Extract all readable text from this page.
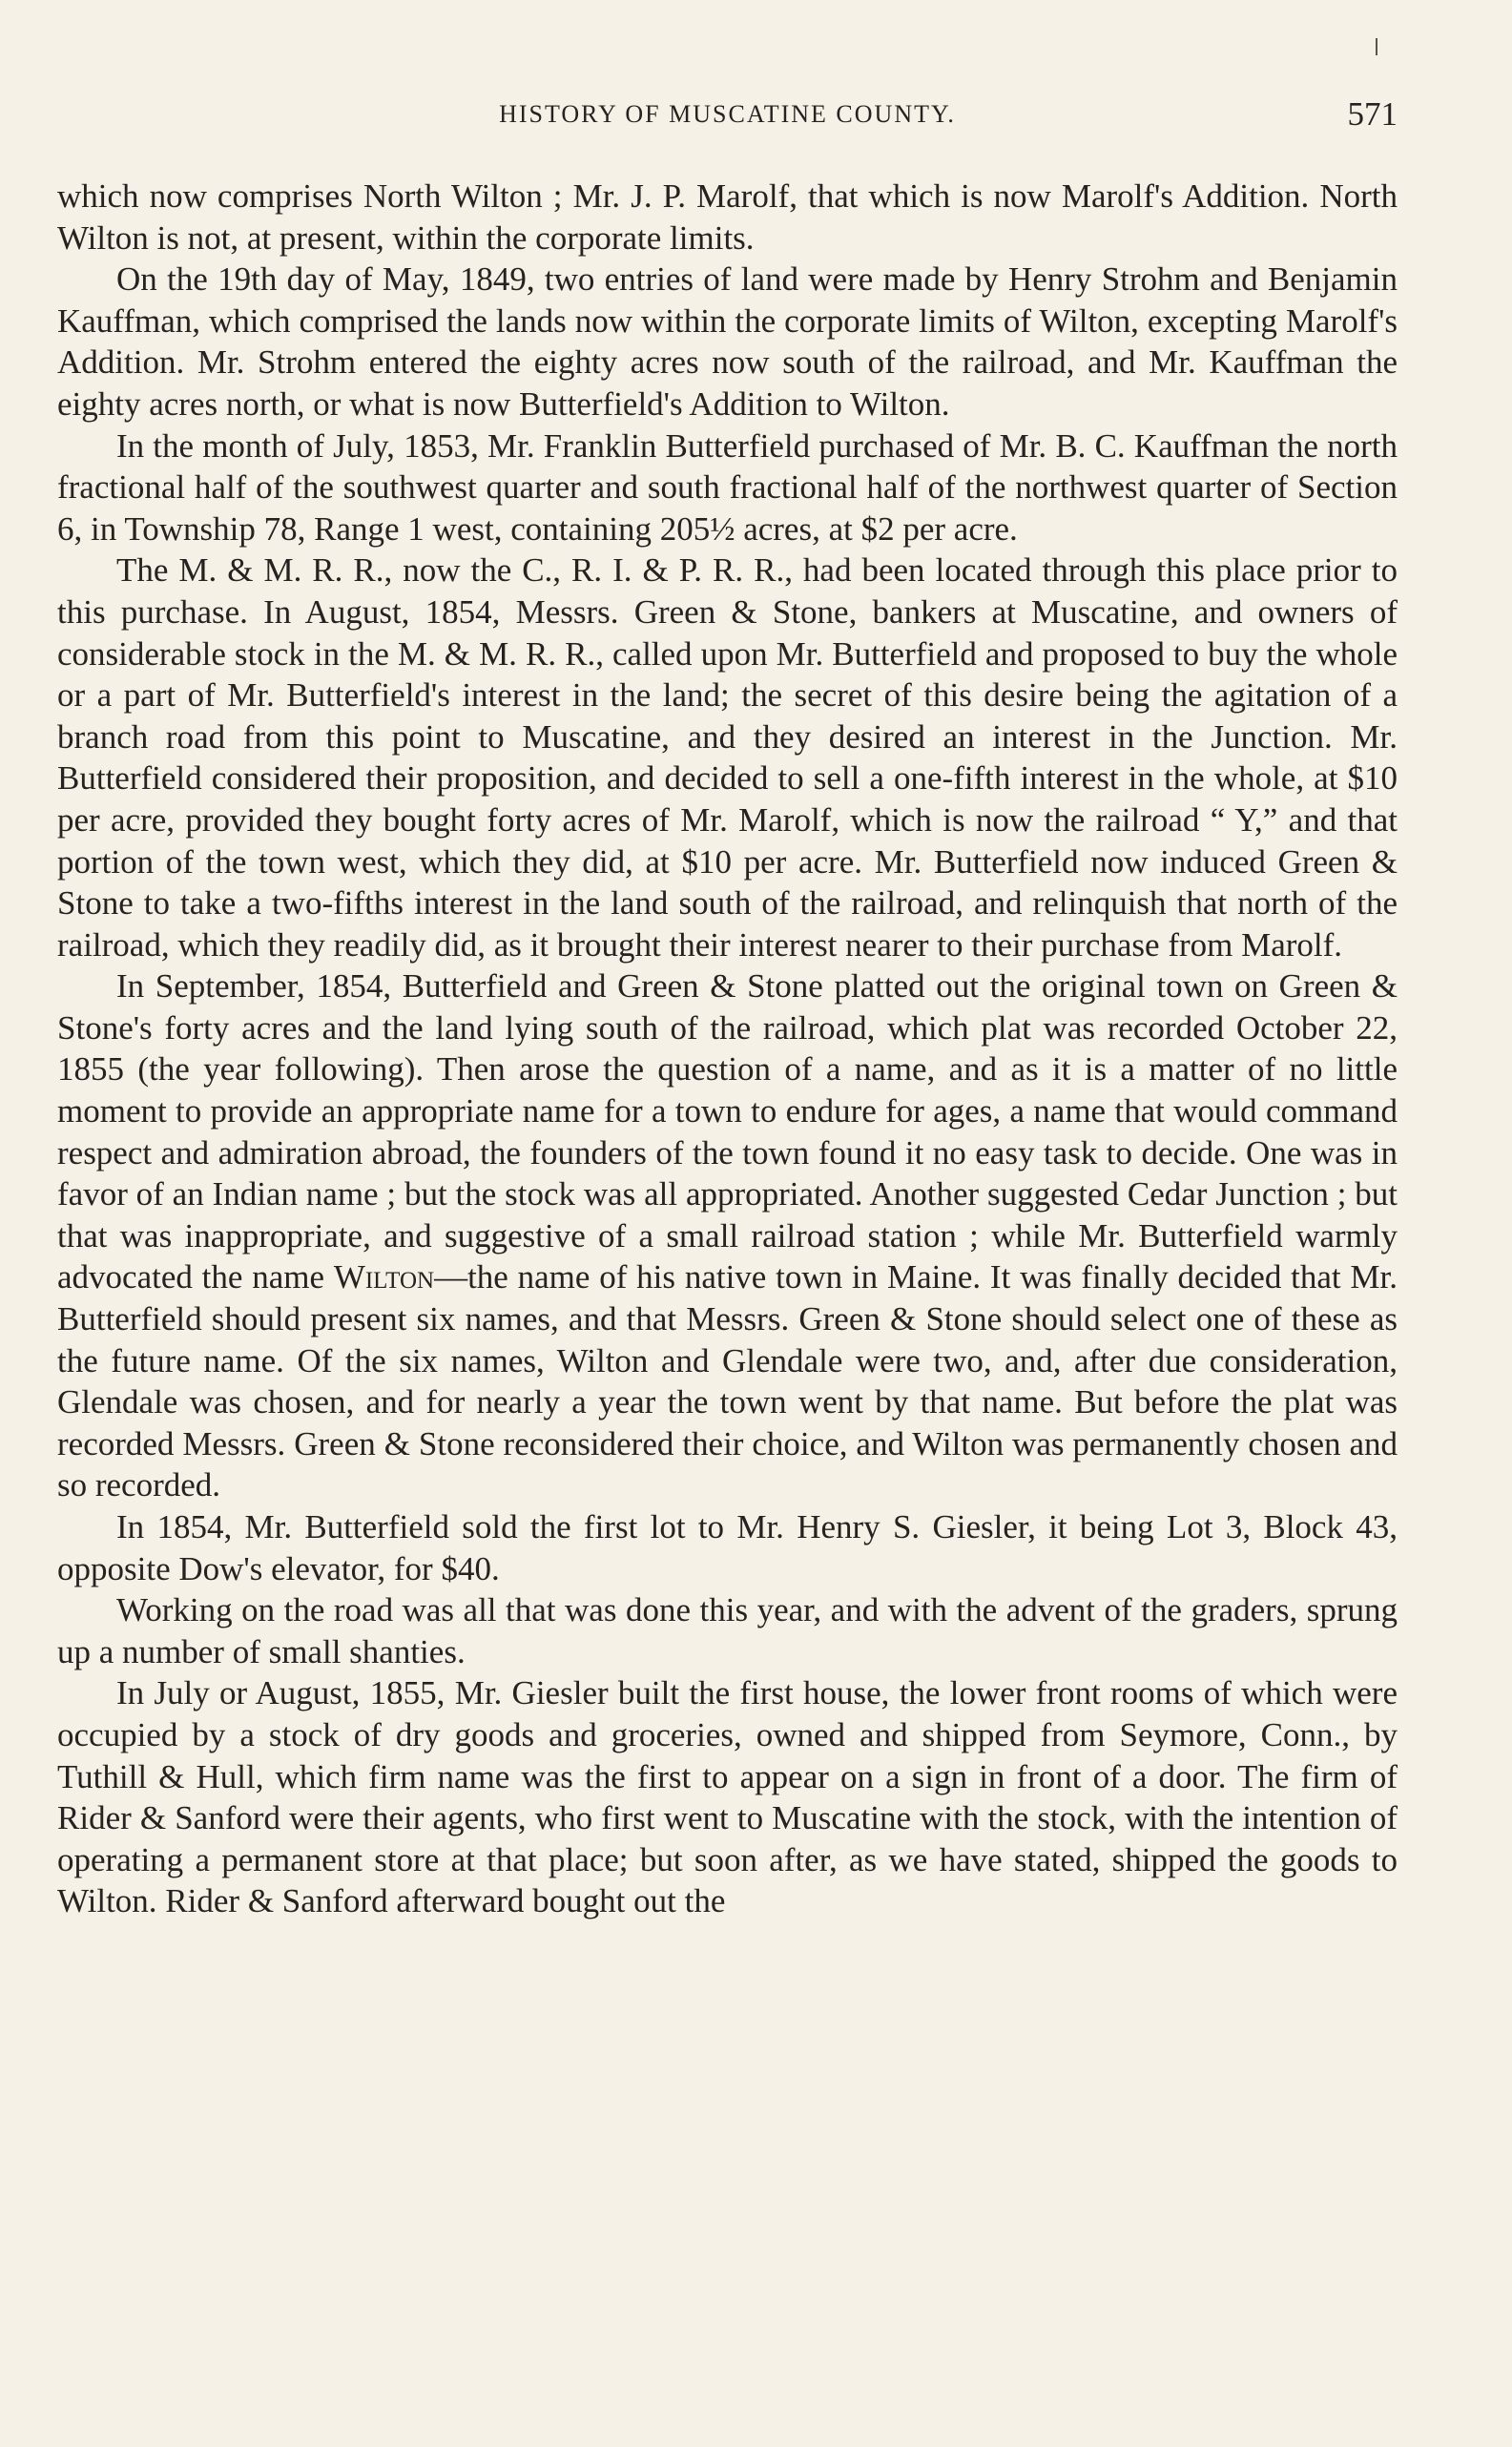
HISTORY OF MUSCATINE COUNTY.	571

which now comprises North Wilton ; Mr. J. P. Marolf, that which is now Marolf's Addition. North Wilton is not, at present, within the corporate limits.

On the 19th day of May, 1849, two entries of land were made by Henry Strohm and Benjamin Kauffman, which comprised the lands now within the corporate limits of Wilton, excepting Marolf's Addition. Mr. Strohm entered the eighty acres now south of the railroad, and Mr. Kauffman the eighty acres north, or what is now Butterfield's Addition to Wilton.

In the month of July, 1853, Mr. Franklin Butterfield purchased of Mr. B. C. Kauffman the north fractional half of the southwest quarter and south fractional half of the northwest quarter of Section 6, in Township 78, Range 1 west, containing 205½ acres, at $2 per acre.

The M. & M. R. R., now the C., R. I. & P. R. R., had been located through this place prior to this purchase. In August, 1854, Messrs. Green & Stone, bankers at Muscatine, and owners of considerable stock in the M. & M. R. R., called upon Mr. Butterfield and proposed to buy the whole or a part of Mr. Butterfield's interest in the land; the secret of this desire being the agitation of a branch road from this point to Muscatine, and they desired an interest in the Junction. Mr. Butterfield considered their proposition, and decided to sell a one-fifth interest in the whole, at $10 per acre, provided they bought forty acres of Mr. Marolf, which is now the railroad “ Y,” and that portion of the town west, which they did, at $10 per acre. Mr. Butterfield now induced Green & Stone to take a two-fifths interest in the land south of the railroad, and relinquish that north of the railroad, which they readily did, as it brought their interest nearer to their purchase from Marolf.

In September, 1854, Butterfield and Green & Stone platted out the original town on Green & Stone's forty acres and the land lying south of the railroad, which plat was recorded October 22, 1855 (the year following). Then arose the question of a name, and as it is a matter of no little moment to provide an appropriate name for a town to endure for ages, a name that would command respect and admiration abroad, the founders of the town found it no easy task to decide. One was in favor of an Indian name ; but the stock was all appropriated. Another suggested Cedar Junction ; but that was inappropriate, and suggestive of a small railroad station ; while Mr. Butterfield warmly advocated the name Wilton—the name of his native town in Maine. It was finally decided that Mr. Butterfield should present six names, and that Messrs. Green & Stone should select one of these as the future name. Of the six names, Wilton and Glendale were two, and, after due consideration, Glendale was chosen, and for nearly a year the town went by that name. But before the plat was recorded Messrs. Green & Stone reconsidered their choice, and Wilton was permanently chosen and so recorded.

In 1854, Mr. Butterfield sold the first lot to Mr. Henry S. Giesler, it being Lot 3, Block 43, opposite Dow's elevator, for $40.

Working on the road was all that was done this year, and with the advent of the graders, sprung up a number of small shanties.

In July or August, 1855, Mr. Giesler built the first house, the lower front rooms of which were occupied by a stock of dry goods and groceries, owned and shipped from Seymore, Conn., by Tuthill & Hull, which firm name was the first to appear on a sign in front of a door. The firm of Rider & Sanford were their agents, who first went to Muscatine with the stock, with the intention of operating a permanent store at that place; but soon after, as we have stated, shipped the goods to Wilton. Rider & Sanford afterward bought out the
